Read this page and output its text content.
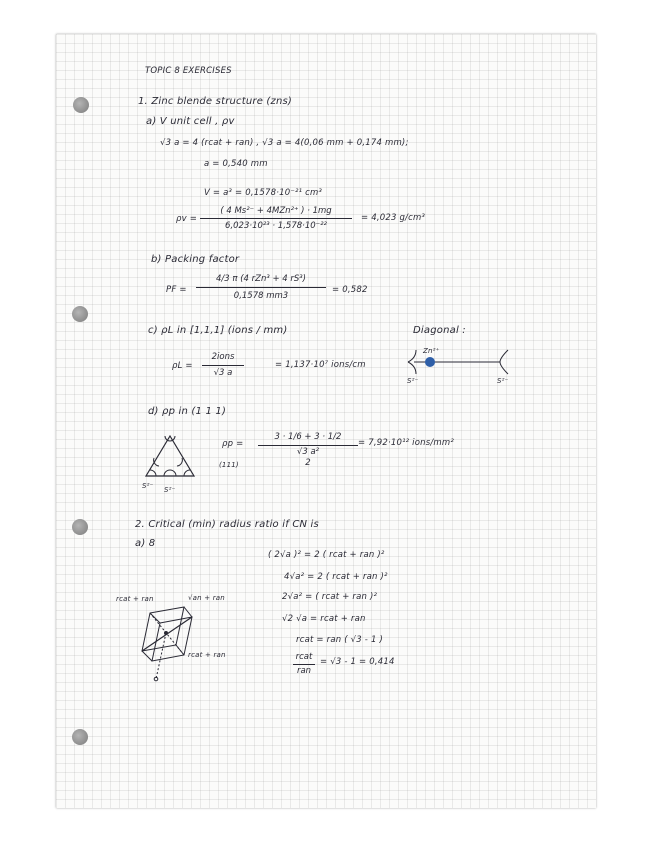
TOPIC 8 EXERCISES
1. Zinc blende structure (zns)
a) V unit cell , ρv
√3 a = 4 (rcat + ran) , √3 a = 4(0,06 mm + 0,174 mm);
a = 0,540 mm
V = a³ = 0,1578·10⁻²¹ cm³
ρv =
( 4 Ms²⁻ + 4MZn²⁺ ) · 1mg
6,023·10²³ · 1,578·10⁻²²
= 4,023 g/cm³
b) Packing factor
PF =
4/3 π (4 rZn³ + 4 rS³)
0,1578 mm3
= 0,582
c) ρL in [1,1,1] (ions / mm)	Diagonal :
ρL =
2ions
√3 a
= 1,137·10⁷ ions/cm
Zn²⁺
S²⁻	S²⁻
d) ρp in (1 1 1)
S²⁻ S²⁻
ρp =
(111)
3 · 1/6 + 3 · 1/2
√3 a²
2
= 7,92·10¹² ions/mm²
2. Critical (min) radius ratio if CN is
a) 8
( 2√a )² = 2 ( rcat + ran )²
4√a² = 2 ( rcat + ran )²
2√a² = ( rcat + ran )²
√2 √a = rcat + ran
rcat = ran ( √3 - 1 )
rcat
ran
= √3 - 1 = 0,414
rcat + ran	√an + ran
rcat + ran
